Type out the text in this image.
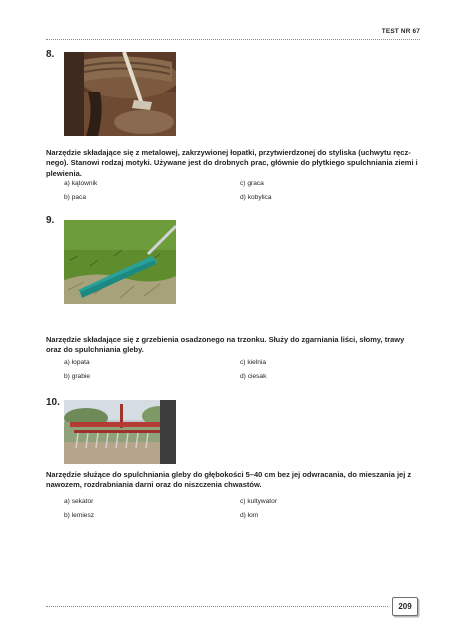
TEST NR 67
8.
Narzędzie składające się z metalowej, zakrzywionej łopatki, przytwierdzonej do styliska (uchwytu ręcz-nego). Stanowi rodzaj motyki. Używane jest do drobnych prac, głównie do płytkiego spulchniania ziemi i plewienia.
a) kątownik	c) graca
b) paca	d) kobylica
9.
Narzędzie składające się z grzebienia osadzonego na trzonku. Służy do zgarniania liści, słomy, trawy oraz do spulchniania gleby.
a) łopata	c) kielnia
b) grabie	d) ciesak
10.
Narzędzie służące do spulchniania gleby do głębokości 5–40 cm bez jej odwracania, do mieszania jej z nawozem, rozdrabniania darni oraz do niszczenia chwastów.
a) sekator	c) kultywator
b) lemiesz	d) łom
209
